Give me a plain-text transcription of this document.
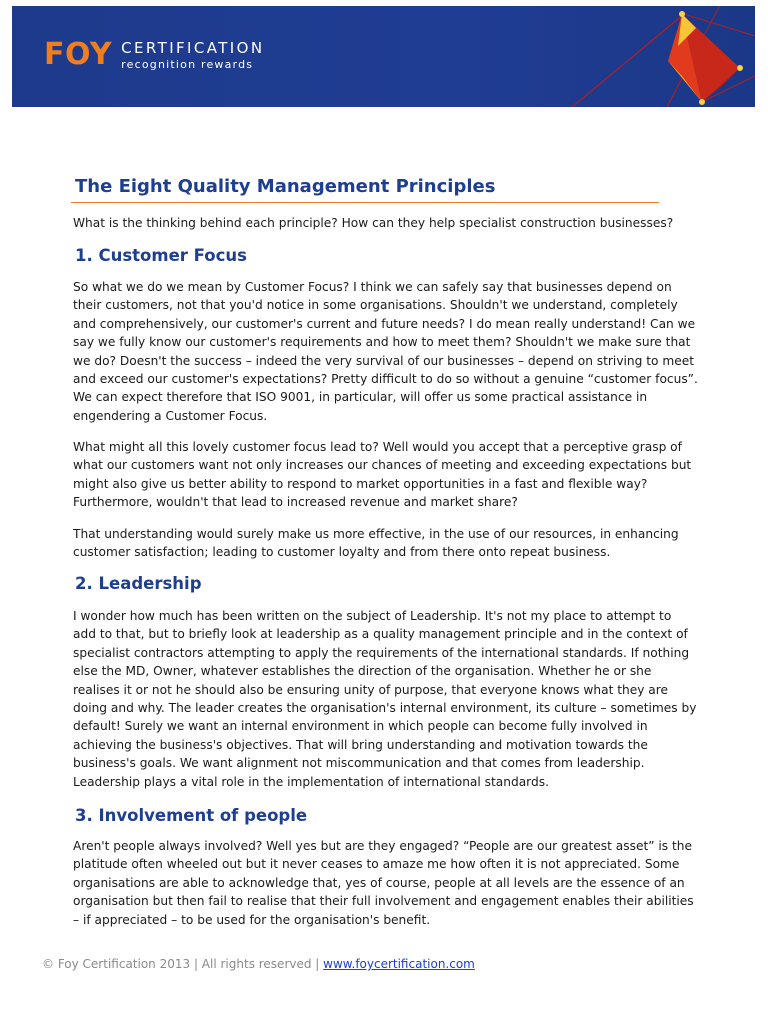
FOY CERTIFICATION
recognition rewards
The Eight Quality Management Principles

What is the thinking behind each principle? How can they help specialist construction businesses?

1. Customer Focus

So what we do we mean by Customer Focus? I think we can safely say that businesses depend on their customers, not that you'd notice in some organisations. Shouldn't we understand, completely and comprehensively, our customer's current and future needs? I do mean really understand! Can we say we fully know our customer's requirements and how to meet them? Shouldn't we make sure that we do? Doesn't the success – indeed the very survival of our businesses – depend on striving to meet and exceed our customer's expectations? Pretty difficult to do so without a genuine “customer focus”. We can expect therefore that ISO 9001, in particular, will offer us some practical assistance in engendering a Customer Focus.

What might all this lovely customer focus lead to? Well would you accept that a perceptive grasp of what our customers want not only increases our chances of meeting and exceeding expectations but might also give us better ability to respond to market opportunities in a fast and flexible way? Furthermore, wouldn't that lead to increased revenue and market share?

That understanding would surely make us more effective, in the use of our resources, in enhancing customer satisfaction; leading to customer loyalty and from there onto repeat business.

2. Leadership

I wonder how much has been written on the subject of Leadership. It's not my place to attempt to add to that, but to briefly look at leadership as a quality management principle and in the context of specialist contractors attempting to apply the requirements of the international standards. If nothing else the MD, Owner, whatever establishes the direction of the organisation. Whether he or she realises it or not he should also be ensuring unity of purpose, that everyone knows what they are doing and why. The leader creates the organisation's internal environment, its culture – sometimes by default! Surely we want an internal environment in which people can become fully involved in achieving the business's objectives. That will bring understanding and motivation towards the business's goals. We want alignment not miscommunication and that comes from leadership. Leadership plays a vital role in the implementation of international standards.

3. Involvement of people

Aren't people always involved? Well yes but are they engaged? “People are our greatest asset” is the platitude often wheeled out but it never ceases to amaze me how often it is not appreciated. Some organisations are able to acknowledge that, yes of course, people at all levels are the essence of an organisation but then fail to realise that their full involvement and engagement enables their abilities – if appreciated – to be used for the organisation's benefit.

© Foy Certification 2013 | All rights reserved | www.foycertification.com
